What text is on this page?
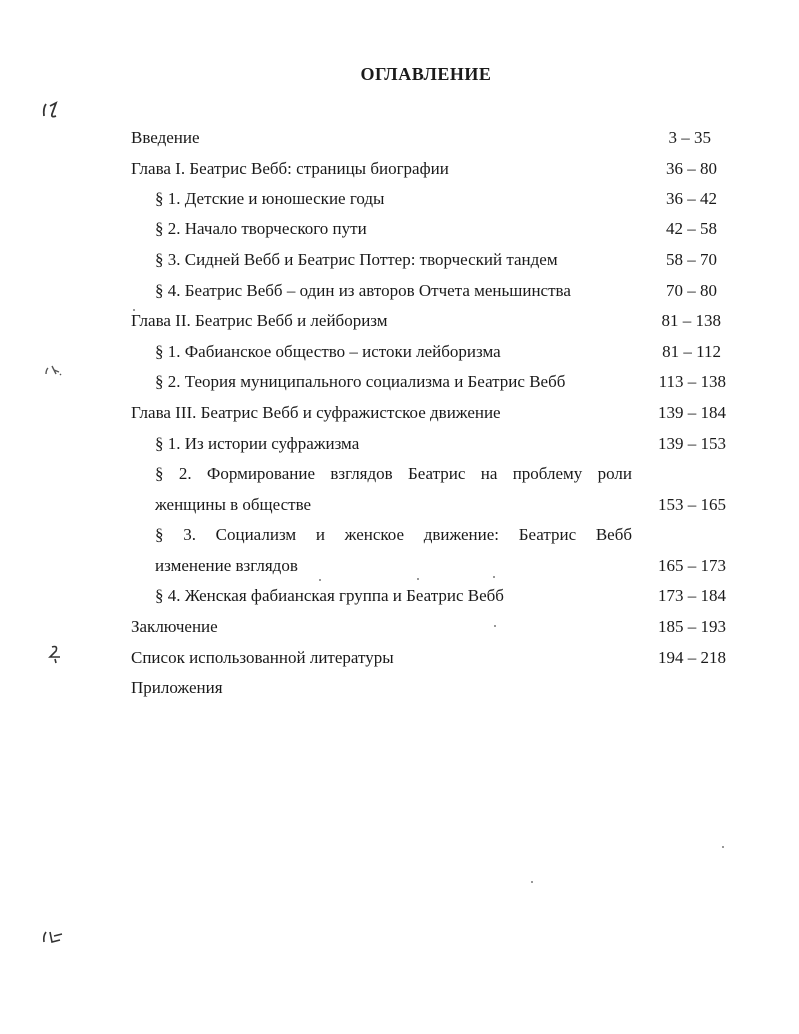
ОГЛАВЛЕНИЕ
Введение	3 – 35
Глава I. Беатрис Вебб: страницы биографии	36 – 80
§ 1. Детские и юношеские годы	36 – 42
§ 2. Начало творческого пути	42 – 58
§ 3. Сидней Вебб и Беатрис Поттер: творческий тандем	58 – 70
§ 4. Беатрис Вебб – один из авторов Отчета меньшинства	70 – 80
Глава II. Беатрис Вебб и лейборизм	81 – 138
§ 1. Фабианское общество – истоки лейборизма	81 – 112
§ 2. Теория муниципального социализма и Беатрис Вебб	113 – 138
Глава III. Беатрис Вебб и суфражистское движение	139 – 184
§ 1. Из истории суфражизма	139 – 153
§ 2. Формирование взглядов Беатрис на проблему роли
женщины в обществе	153 – 165
§ 3. Социализм и женское движение: Беатрис Вебб
изменение взглядов	165 – 173
§ 4. Женская фабианская группа и Беатрис Вебб	173 – 184
Заключение	185 – 193
Список использованной литературы	194 – 218
Приложения
